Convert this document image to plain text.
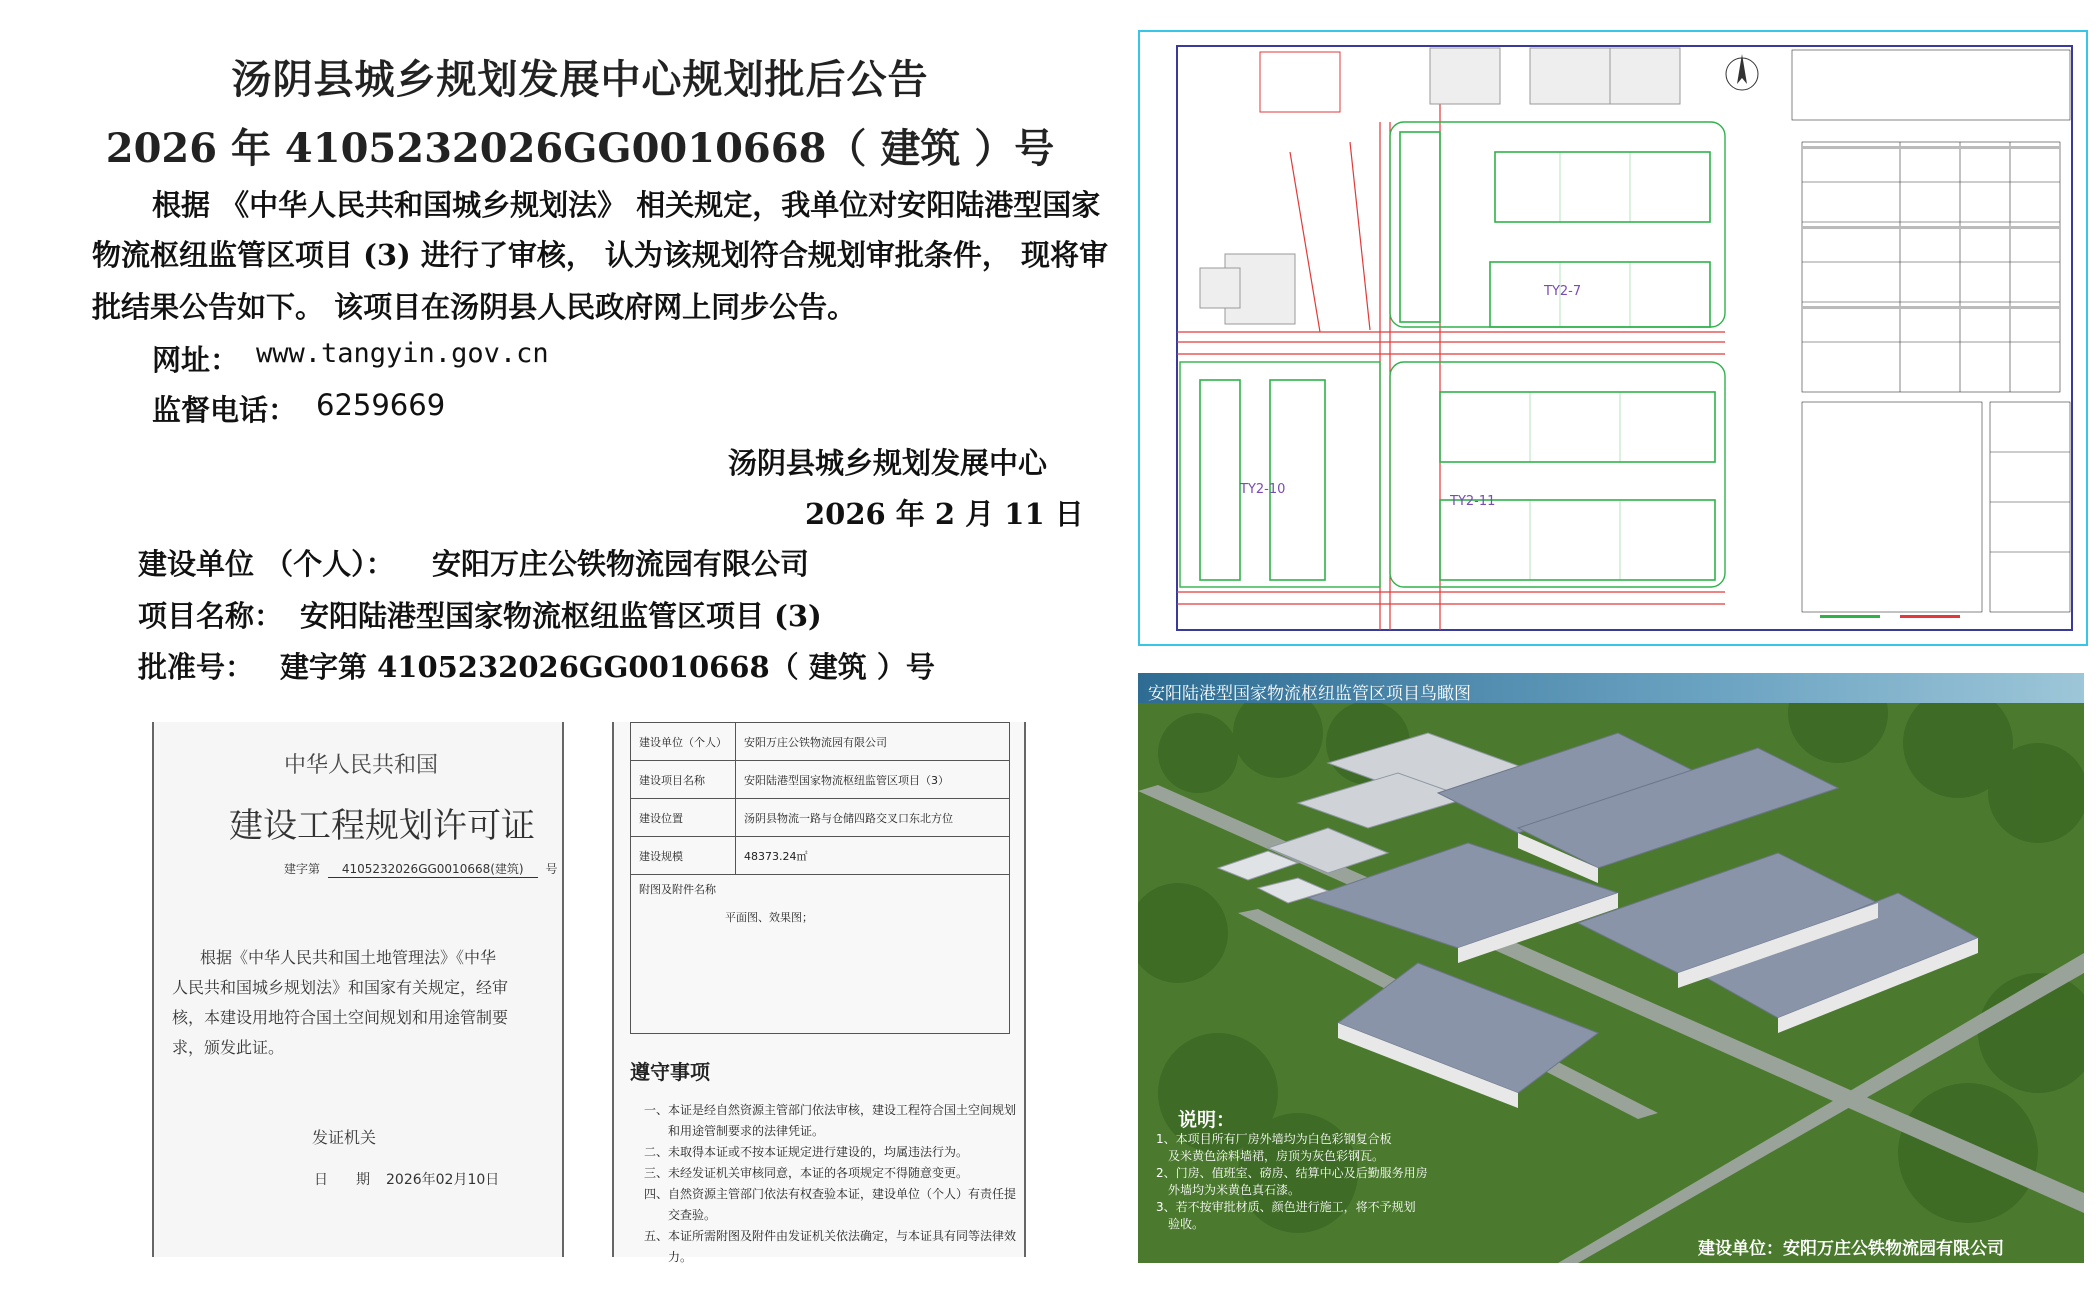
汤阴县城乡规划发展中心规划批后公告
2026 年 4105232026GG0010668（ 建筑 ）号
根据 《中华人民共和国城乡规划法》 相关规定，我单位对安阳陆港型国家
物流枢纽监管区项目 (3) 进行了审核， 认为该规划符合规划审批条件， 现将审
批结果公告如下。 该项目在汤阴县人民政府网上同步公告。
网址： www.tangyin.gov.cn
监督电话： 6259669
汤阴县城乡规划发展中心
2026 年 2 月 11 日
建设单位 （个人）： 安阳万庄公铁物流园有限公司
项目名称： 安阳陆港型国家物流枢纽监管区项目 (3)
批准号： 建字第 4105232026GG0010668（ 建筑 ）号
中华人民共和国
建设工程规划许可证
建字第 4105232026GG0010668(建筑) 号
根据《中华人民共和国土地管理法》《中华
人民共和国城乡规划法》和国家有关规定，经审
核，本建设用地符合国土空间规划和用途管制要
求，颁发此证。
发证机关
日　　期 2026年02月10日
建设单位（个人）	安阳万庄公铁物流园有限公司
建设项目名称	安阳陆港型国家物流枢纽监管区项目（3）
建设位置	汤阴县物流一路与仓储四路交叉口东北方位
建设规模	48373.24㎡

附图及附件名称
平面图、效果图；	
遵守事项
一、本证是经自然资源主管部门依法审核，建设工程符合国土空间规划
　　和用途管制要求的法律凭证。
二、未取得本证或不按本证规定进行建设的，均属违法行为。
三、未经发证机关审核同意，本证的各项规定不得随意变更。
四、自然资源主管部门依法有权查验本证，建设单位（个人）有责任提
　　交查验。
五、本证所需附图及附件由发证机关依法确定，与本证具有同等法律效
　　力。
TY2-7
TY2-10
TY2-11
安阳陆港型国家物流枢纽监管区项目鸟瞰图
说明：
1、本项目所有厂房外墙均为白色彩钢复合板
　及米黄色涂料墙裙，房顶为灰色彩钢瓦。
2、门房、值班室、磅房、结算中心及后勤服务用房
　外墙均为米黄色真石漆。
3、若不按审批材质、颜色进行施工，将不予规划
　验收。
建设单位：安阳万庄公铁物流园有限公司
